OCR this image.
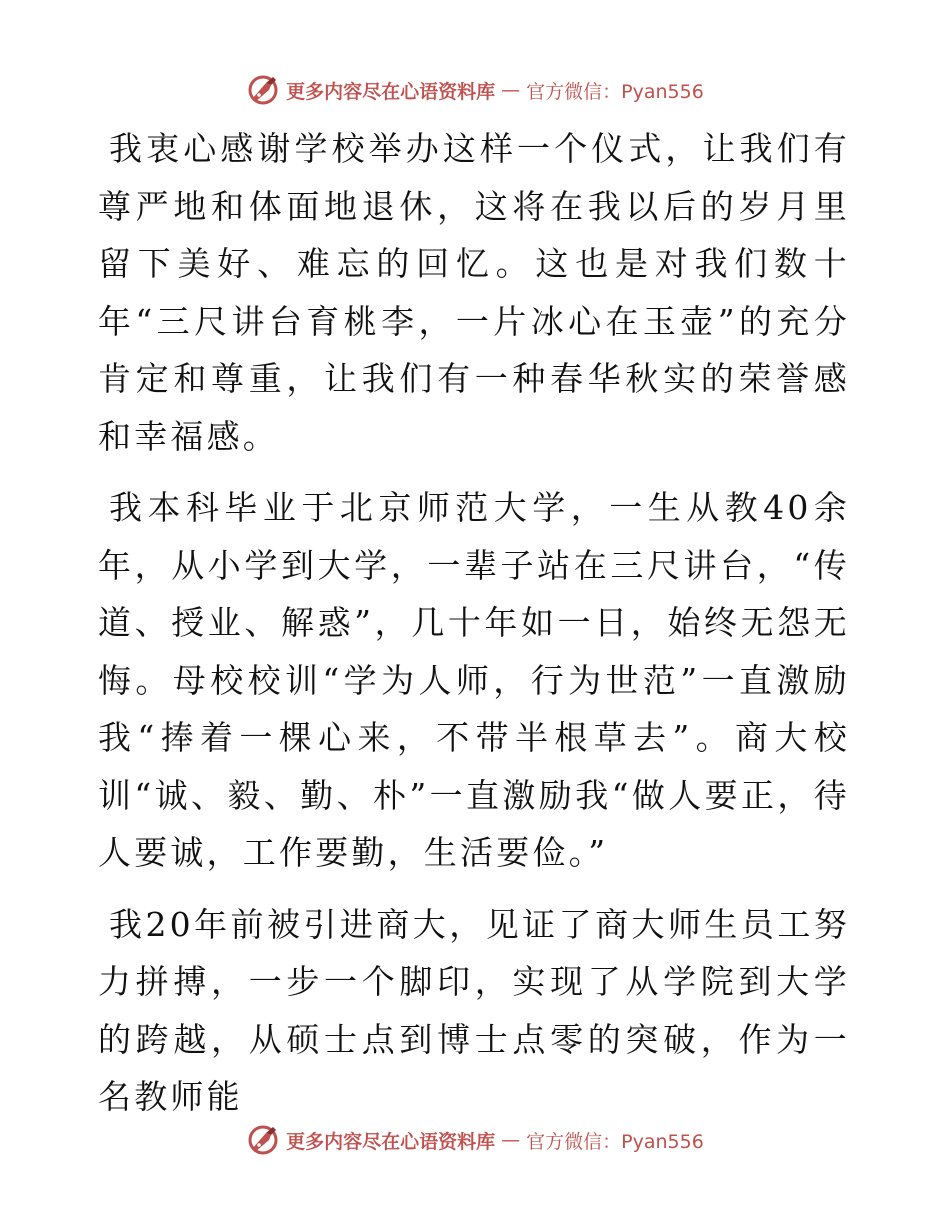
更多内容尽在心语资料库 — 官方微信：Pyan556

我衷心感谢学校举办这样一个仪式，让我们有尊严地和体面地退休，这将在我以后的岁月里留下美好、难忘的回忆。这也是对我们数十年“三尺讲台育桃李，一片冰心在玉壶”的充分肯定和尊重，让我们有一种春华秋实的荣誉感和幸福感。

我本科毕业于北京师范大学，一生从教40余年，从小学到大学，一辈子站在三尺讲台，“传道、授业、解惑”，几十年如一日，始终无怨无悔。母校校训“学为人师，行为世范”一直激励我“捧着一棵心来，不带半根草去”。商大校训“诚、毅、勤、朴”一直激励我“做人要正，待人要诚，工作要勤，生活要俭。”

我20年前被引进商大，见证了商大师生员工努力拼搏，一步一个脚印，实现了从学院到大学的跨越，从硕士点到博士点零的突破，作为一名教师能

更多内容尽在心语资料库 — 官方微信：Pyan556
